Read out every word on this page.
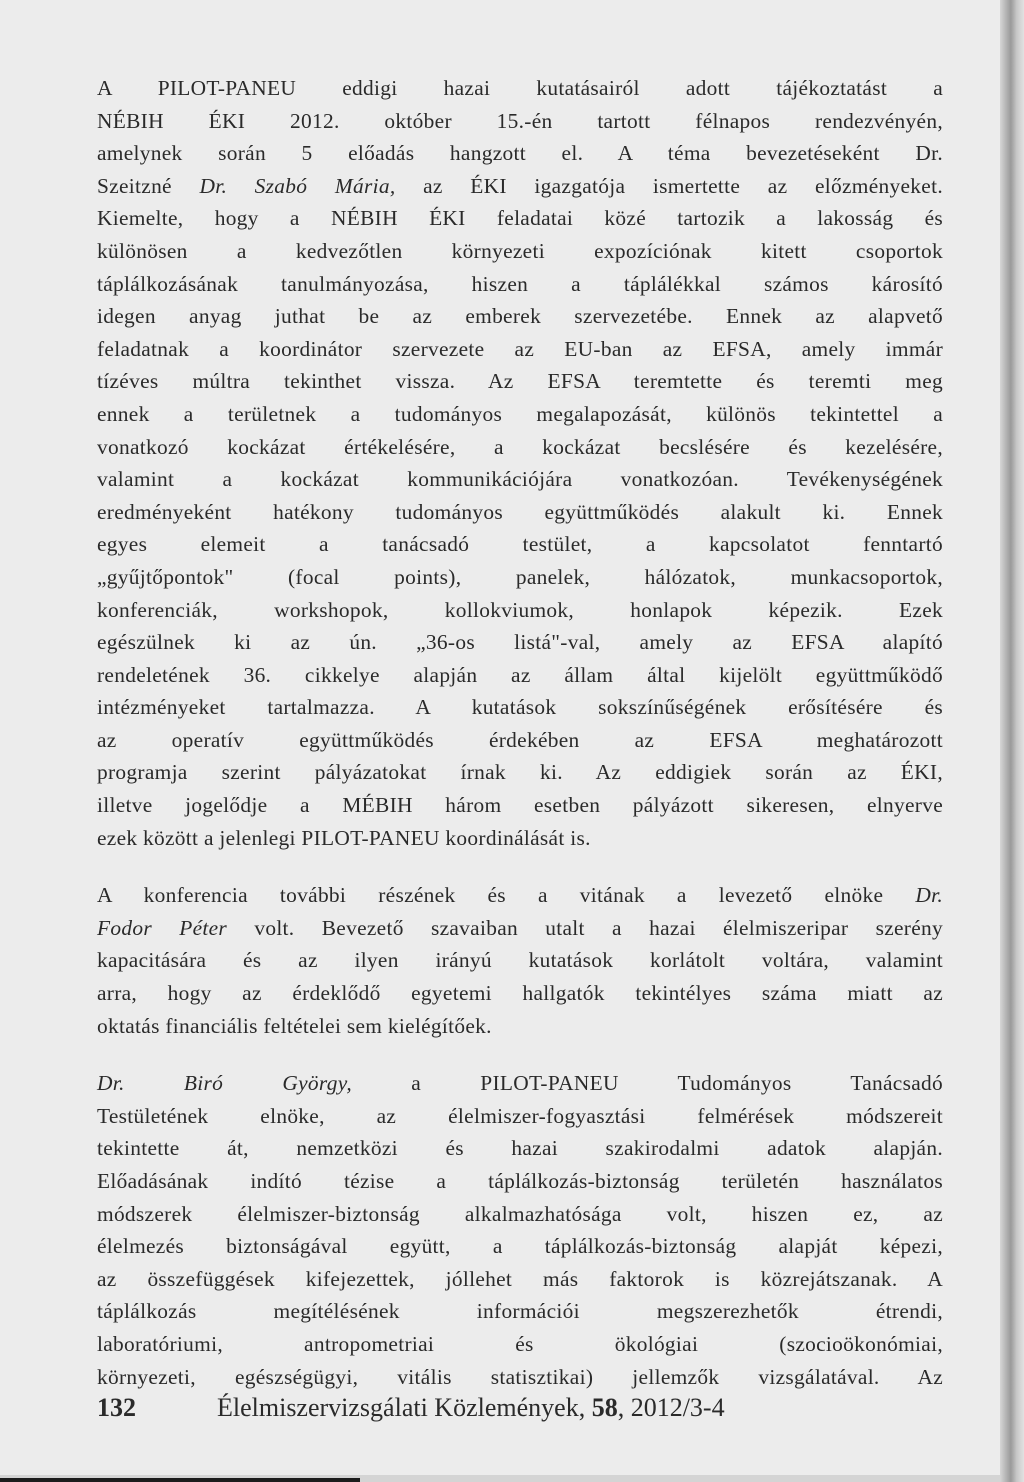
A PILOT-PANEU eddigi hazai kutatásairól adott tájékoztatást a
NÉBIH ÉKI 2012. október 15.-én tartott félnapos rendezvényén,
amelynek során 5 előadás hangzott el. A téma bevezetéseként Dr.
Szeitzné Dr. Szabó Mária, az ÉKI igazgatója ismertette az előzményeket.
Kiemelte, hogy a NÉBIH ÉKI feladatai közé tartozik a lakosság és
különösen a kedvezőtlen környezeti expozíciónak kitett csoportok
táplálkozásának tanulmányozása, hiszen a táplálékkal számos károsító
idegen anyag juthat be az emberek szervezetébe. Ennek az alapvető
feladatnak a koordinátor szervezete az EU-ban az EFSA, amely immár
tízéves múltra tekinthet vissza. Az EFSA teremtette és teremti meg
ennek a területnek a tudományos megalapozását, különös tekintettel a
vonatkozó kockázat értékelésére, a kockázat becslésére és kezelésére,
valamint a kockázat kommunikációjára vonatkozóan. Tevékenységének
eredményeként hatékony tudományos együttműködés alakult ki. Ennek
egyes elemeit a tanácsadó testület, a kapcsolatot fenntartó
„gyűjtőpontok" (focal points), panelek, hálózatok, munkacsoportok,
konferenciák, workshopok, kollokviumok, honlapok képezik. Ezek
egészülnek ki az ún. „36-os listá"-val, amely az EFSA alapító
rendeletének 36. cikkelye alapján az állam által kijelölt együttműködő
intézményeket tartalmazza. A kutatások sokszínűségének erősítésére és
az operatív együttműködés érdekében az EFSA meghatározott
programja szerint pályázatokat írnak ki. Az eddigiek során az ÉKI,
illetve jogelődje a MÉBIH három esetben pályázott sikeresen, elnyerve
ezek között a jelenlegi PILOT-PANEU koordinálását is.

A konferencia további részének és a vitának a levezető elnöke Dr.
Fodor Péter volt. Bevezető szavaiban utalt a hazai élelmiszeripar szerény
kapacitására és az ilyen irányú kutatások korlátolt voltára, valamint
arra, hogy az érdeklődő egyetemi hallgatók tekintélyes száma miatt az
oktatás financiális feltételei sem kielégítőek.

Dr. Biró György,	a PILOT-PANEU Tudományos Tanácsadó
Testületének elnöke, az élelmiszer-fogyasztási felmérések módszereit
tekintette át, nemzetközi és hazai szakirodalmi adatok alapján.
Előadásának indító tézise a táplálkozás-biztonság területén használatos
módszerek élelmiszer-biztonság alkalmazhatósága volt, hiszen ez, az
élelmezés biztonságával együtt, a táplálkozás-biztonság alapját képezi,
az összefüggések kifejezettek, jóllehet más faktorok is közrejátszanak. A
táplálkozás megítélésének információi megszerezhetők étrendi,
laboratóriumi, antropometriai és ökológiai (szocioökonómiai,
környezeti, egészségügyi, vitális statisztikai) jellemzők vizsgálatával. Az

132	Élelmiszervizsgálati Közlemények, 58, 2012/3-4
